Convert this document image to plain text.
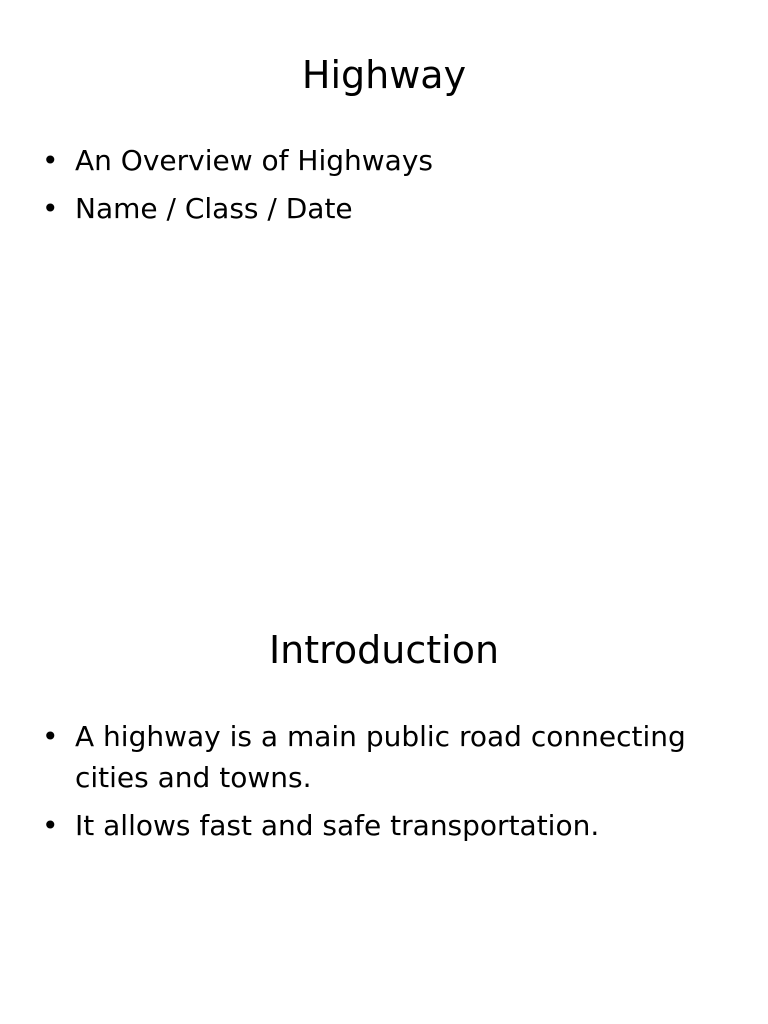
Highway
• An Overview of Highways
• Name / Class / Date
Introduction
• A highway is a main public road connecting cities and towns.
• It allows fast and safe transportation.
